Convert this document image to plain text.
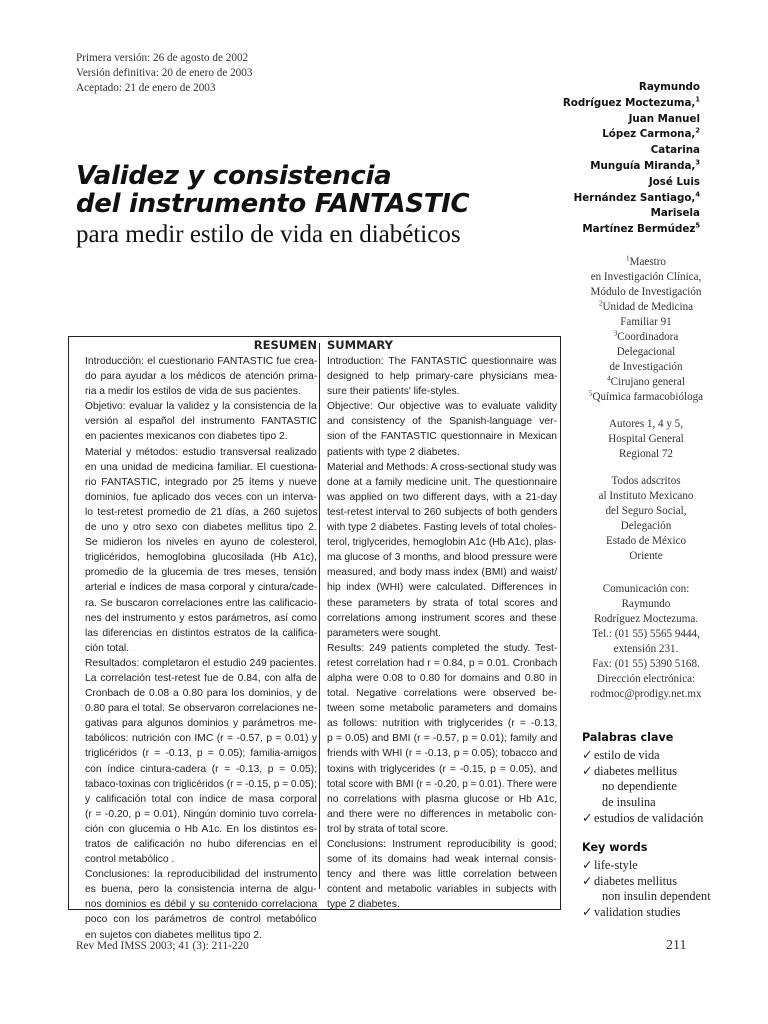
Primera versión: 26 de agosto de 2002
Versión definitiva: 20 de enero de 2003
Aceptado: 21 de enero de 2003
Validez y consistencia
del instrumento FANTASTIC
para medir estilo de vida en diabéticos
Raymundo
Rodríguez Moctezuma,$^1$
Juan Manuel
López Carmona,$^2$
Catarina
Munguía Miranda,$^3$
José Luis
Hernández Santiago,$^4$
Marisela
Martínez Bermúdez$^5$
$^1$Maestro
en Investigación Clínica,
Módulo de Investigación
$^2$Unidad de Medicina
Familiar 91
$^3$Coordinadora
Delegacional
de Investigación
$^4$Cirujano general
$^5$Química farmacobióloga
Autores 1, 4 y 5,
Hospital General
Regional 72
Todos adscritos
al Instituto Mexicano
del Seguro Social,
Delegación
Estado de México
Oriente
Comunicación con:
Raymundo
Rodríguez Moctezuma.
Tel.: (01 55) 5565 9444,
extensión 231.
Fax: (01 55) 5390 5168.
Dirección electrónica:
rodmoc@prodigy.net.mx
RESUMEN
Introducción: el cuestionario FANTASTIC fue crea-
do para ayudar a los médicos de atención prima-
ria a medir los estilos de vida de sus pacientes.
Objetivo: evaluar la validez y la consistencia de la
versión al español del instrumento FANTASTIC
en pacientes mexicanos con diabetes tipo 2.
Material y métodos: estudio transversal realizado
en una unidad de medicina familiar. El cuestiona-
rio FANTASTIC, integrado por 25 ítems y nueve
dominios, fue aplicado dos veces con un interva-
lo test-retest promedio de 21 días, a 260 sujetos
de uno y otro sexo con diabetes mellitus tipo 2.
Se midieron los niveles en ayuno de colesterol,
triglicéridos, hemoglobina glucosilada (Hb A1c),
promedio de la glucemia de tres meses, tensión
arterial e índices de masa corporal y cintura/cade-
ra. Se buscaron correlaciones entre las calificacio-
nes del instrumento y estos parámetros, así como
las diferencias en distintos estratos de la califica-
ción total.
Resultados: completaron el estudio 249 pacientes.
La correlación test-retest fue de 0.84, con alfa de
Cronbach de 0.08 a 0.80 para los dominios, y de
0.80 para el total. Se observaron correlaciones ne-
gativas para algunos dominios y parámetros me-
tabólicos: nutrición con IMC (r = -0.57, p = 0.01) y
triglicéridos (r = -0.13, p = 0.05); familia-amigos
con índice cintura-cadera (r = -0.13, p = 0.05);
tabaco-toxinas con triglicéridos (r = -0.15, p = 0.05);
y calificación total con índice de masa corporal
(r = -0.20, p = 0.01). Ningún dominio tuvo correla-
ción con glucemia o Hb A1c. En los distintos es-
tratos de calificación no hubo diferencias en el
control metabólico .
Conclusiones: la reproducibilidad del instrumento
es buena, pero la consistencia interna de algu-
nos dominios es débil y su contenido correlaciona
poco con los parámetros de control metabólico
en sujetos con diabetes mellitus tipo 2.
SUMMARY
Introduction: The FANTASTIC questionnaire was
designed to help primary-care physicians mea-
sure their patients' life-styles.
Objective: Our objective was to evaluate validity
and consistency of the Spanish-language ver-
sion of the FANTASTIC questionnaire in Mexican
patients with type 2 diabetes.
Material and Methods: A cross-sectional study was
done at a family medicine unit. The questionnaire
was applied on two different days, with a 21-day
test-retest interval to 260 subjects of both genders
with type 2 diabetes. Fasting levels of total choles-
terol, triglycerides, hemoglobin A1c (Hb A1c), plas-
ma glucose of 3 months, and blood pressure were
measured, and body mass index (BMI) and waist/
hip index (WHI) were calculated. Differences in
these parameters by strata of total scores and
correlations among instrument scores and these
parameters were sought.
Results: 249 patients completed the study. Test-
retest correlation had r = 0.84, p = 0.01. Cronbach
alpha were 0.08 to 0.80 for domains and 0.80 in
total. Negative correlations were observed be-
tween some metabolic parameters and domains
as follows: nutrition with triglycerides (r = -0.13,
p = 0.05) and BMI (r = -0.57, p = 0.01); family and
friends with WHI (r = -0.13, p = 0.05); tobacco and
toxins with triglycerides (r = -0.15, p = 0.05), and
total score with BMI (r = -0.20, p = 0.01). There were
no correlations with plasma glucose or Hb A1c,
and there were no differences in metabolic con-
trol by strata of total score.
Conclusions: Instrument reproducibility is good;
some of its domains had weak internal consis-
tency and there was little correlation between
content and metabolic variables in subjects with
type 2 diabetes.
Palabras clave
✓ estilo de vida
✓ diabetes mellitus
no dependiente
de insulina
✓ estudios de validación
Key words
✓ life-style
✓ diabetes mellitus
non insulin dependent
✓ validation studies
Rev Med IMSS 2003; 41 (3): 211-220	211
